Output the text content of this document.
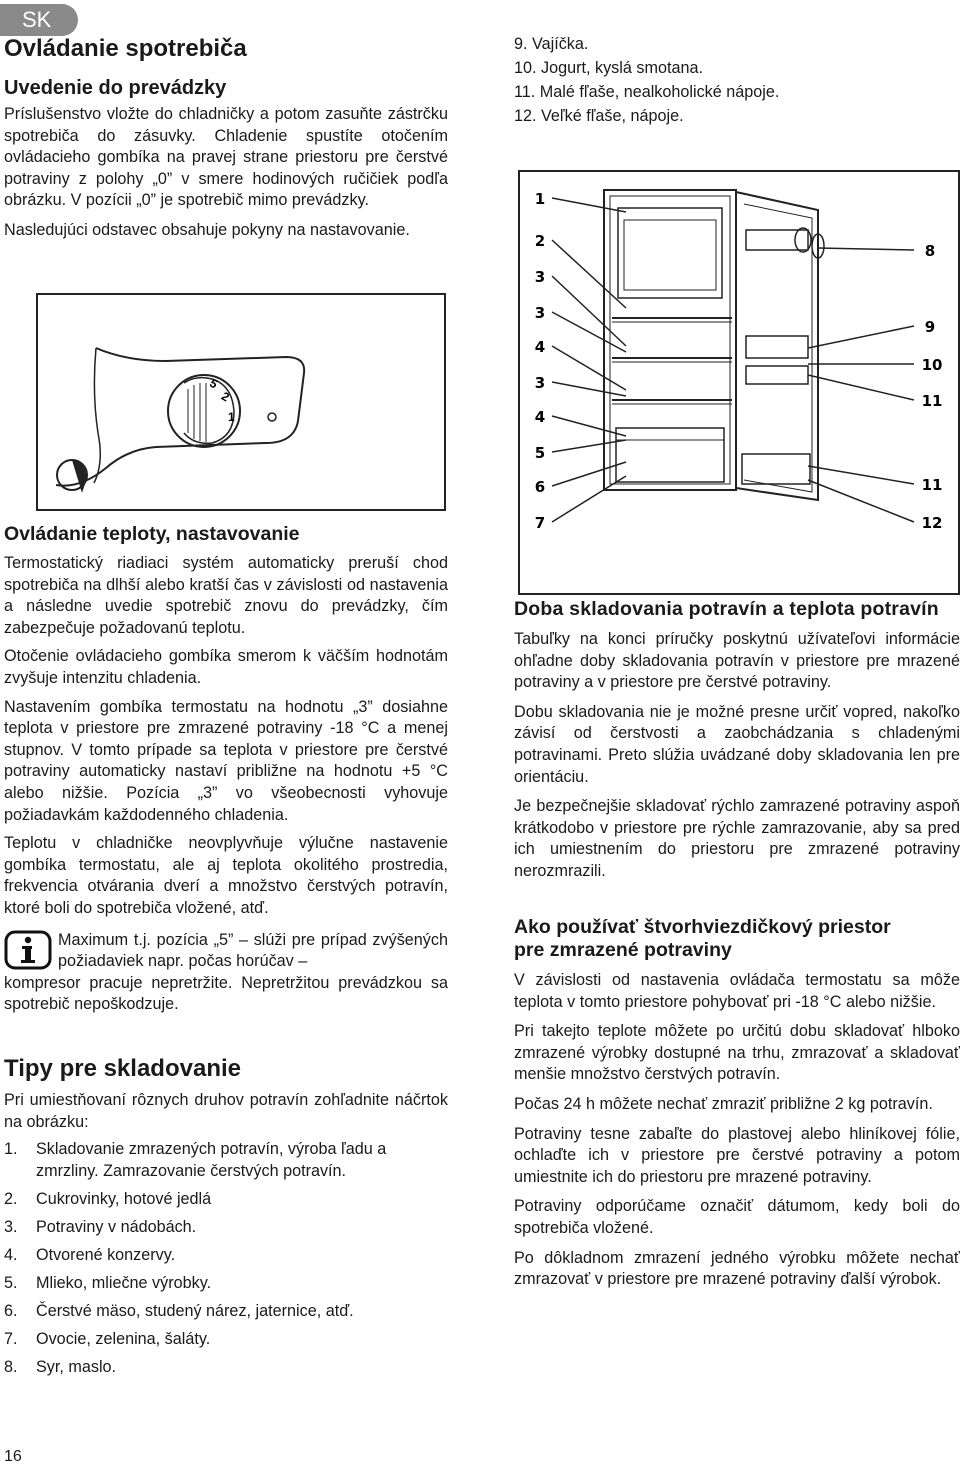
SK
Ovládanie spotrebiča
Uvedenie do prevádzky

Príslušenstvo vložte do chladničky a potom zasuňte zástrčku spotrebiča do zásuvky. Chladenie spustíte otočením ovládacieho gombíka na pravej strane priestoru pre čerstvé potraviny z polohy „0” v smere hodinových ručičiek podľa obrázku. V pozícii „0” je spotrebič mimo prevádzky.

Nasledujúci odstavec obsahuje pokyny na nastavovanie.

5
2
1
Ovládanie teploty, nastavovanie

Termostatický riadiaci systém automaticky preruší chod spotrebiča na dlhší alebo kratší čas v závislosti od nastavenia a následne uvedie spotrebič znovu do prevádzky, čím zabezpečuje požadovanú teplotu.

Otočenie ovládacieho gombíka smerom k väčším hodnotám zvyšuje intenzitu chladenia.

Nastavením gombíka termostatu na hodnotu „3” dosiahne teplota v priestore pre zmrazené potraviny -18 °C a menej stupnov. V tomto prípade sa teplota v priestore pre čerstvé potraviny automaticky nastaví približne na hodnotu +5 °C alebo nižšie. Pozícia „3” vo všeobecnosti vyhovuje požiadavkám každodenného chladenia.

Teplotu v chladničke neovplyvňuje výlučne nastavenie gombíka termostatu, ale aj teplota okolitého prostredia, frekvencia otvárania dverí a množstvo čerstvých potravín, ktoré boli do spotrebiča vložené, atď.

Maximum t.j. pozícia „5” – slúži pre prípad zvýšených požiadaviek napr. počas horúčav –

kompresor pracuje nepretržite. Nepretržitou prevádzkou sa spotrebič nepoškodzuje.

Tipy pre skladovanie

Pri umiestňovaní rôznych druhov potravín zohľadnite náčrtok na obrázku:

1.	Skladovanie zmrazených potravín, výroba ľadu a zmrzliny. Zamrazovanie čerstvých potravín.
2.	Cukrovinky, hotové jedlá
3.	Potraviny v nádobách.
4.	Otvorené konzervy.
5.	Mlieko, mliečne výrobky.
6.	Čerstvé mäso, studený nárez, jaternice, atď.
7.	Ovocie, zelenina, šaláty.
8.	Syr, maslo.
9. Vajíčka.
10. Jogurt, kyslá smotana.
11. Malé fľaše, nealkoholické nápoje.
12. Veľké fľaše, nápoje.
1
2
3
3
4
3
4
5
6
7
8
9
10
11
11
12
Doba skladovania potravín a teplota potravín

Tabuľky na konci príručky poskytnú užívateľovi informácie ohľadne doby skladovania potravín v priestore pre mrazené potraviny a v priestore pre čerstvé potraviny.

Dobu skladovania nie je možné presne určiť vopred, nakoľko závisí od čerstvosti a zaobchádzania s chladenými potravinami. Preto slúžia uvádzané doby skladovania len pre orientáciu.

Je bezpečnejšie skladovať rýchlo zamrazené potraviny aspoň krátkodobo v priestore pre rýchle zamrazovanie, aby sa pred ich umiestnením do priestoru pre zmrazené potraviny nerozmrazili.

Ako používať štvorhviezdičkový priestor
pre zmrazené potraviny

V závislosti od nastavenia ovládača termostatu sa môže teplota v tomto priestore pohybovať pri -18 °C alebo nižšie.

Pri takejto teplote môžete po určitú dobu skladovať hlboko zmrazené výrobky dostupné na trhu, zmrazovať a skladovať menšie množstvo čerstvých potravín.

Počas 24 h môžete nechať zmraziť približne 2 kg potravín.

Potraviny tesne zabaľte do plastovej alebo hliníkovej fólie, ochlaďte ich v priestore pre čerstvé potraviny a potom umiestnite ich do priestoru pre mrazené potraviny.

Potraviny odporúčame označiť dátumom, kedy boli do spotrebiča vložené.

Po dôkladnom zmrazení jedného výrobku môžete nechať zmrazovať v priestore pre mrazené potraviny ďalší výrobok.

16
